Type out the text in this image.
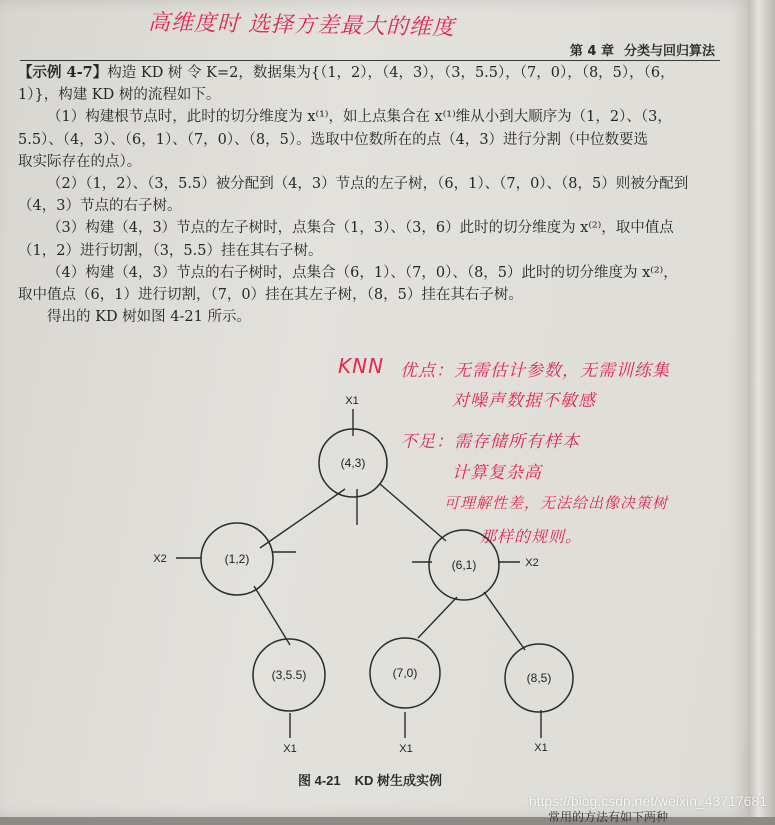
第 4 章 分类与回归算法
高维度时 选择方差最大的维度

【示例 4-7】构造 KD 树 令 K=2，数据集为{（1，2），（4，3），（3，5.5），（7，0），（8，5），（6，

1）}，构建 KD 树的流程如下。

（1）构建根节点时，此时的切分维度为 x⁽¹⁾，如上点集合在 x⁽¹⁾维从小到大顺序为（1，2）、（3，

5.5）、（4，3）、（6，1）、（7，0）、（8，5）。选取中位数所在的点（4，3）进行分割（中位数要选

取实际存在的点）。

（2）（1，2）、（3，5.5）被分配到（4，3）节点的左子树，（6，1）、（7，0）、（8，5）则被分配到

（4，3）节点的右子树。

（3）构建（4，3）节点的左子树时，点集合（1，3）、（3，6）此时的切分维度为 x⁽²⁾，取中值点

（1，2）进行切割，（3，5.5）挂在其右子树。

（4）构建（4，3）节点的右子树时，点集合（6，1）、（7，0）、（8，5）此时的切分维度为 x⁽²⁾，

取中值点（6，1）进行切割，（7，0）挂在其左子树，（8，5）挂在其右子树。

得出的 KD 树如图 4-21 所示。

KNN 优点：无需估计参数，无需训练集
对噪声数据不敏感
不足：需存储所有样本
计算复杂高
可理解性差，无法给出像决策树
那样的规则。
(4,3)
(1,2)	(6,1)
(3,5.5)	(7,0)	(8,5)
X1
X2	X2
X1	X1	X1
图 4-21 KD 树生成实例
常用的方法有如下两种
https://blog.csdn.net/weixin_43717681
